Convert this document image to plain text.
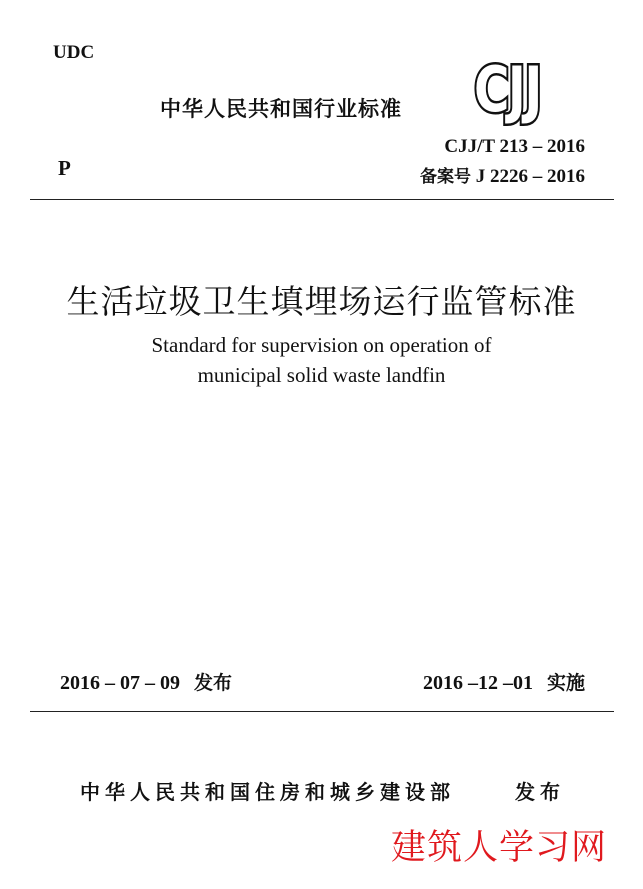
UDC
中华人民共和国行业标准 CJJ
P
CJJ/T 213 – 2016
备案号 J 2226 – 2016
生活垃圾卫生填埋场运行监管标准
Standard for supervision on operation of
municipal solid waste landfin
2016 – 07 – 09 发布	2016 –12 –01 实施
中华人民共和国住房和城乡建设部	发布
建筑人学习网
